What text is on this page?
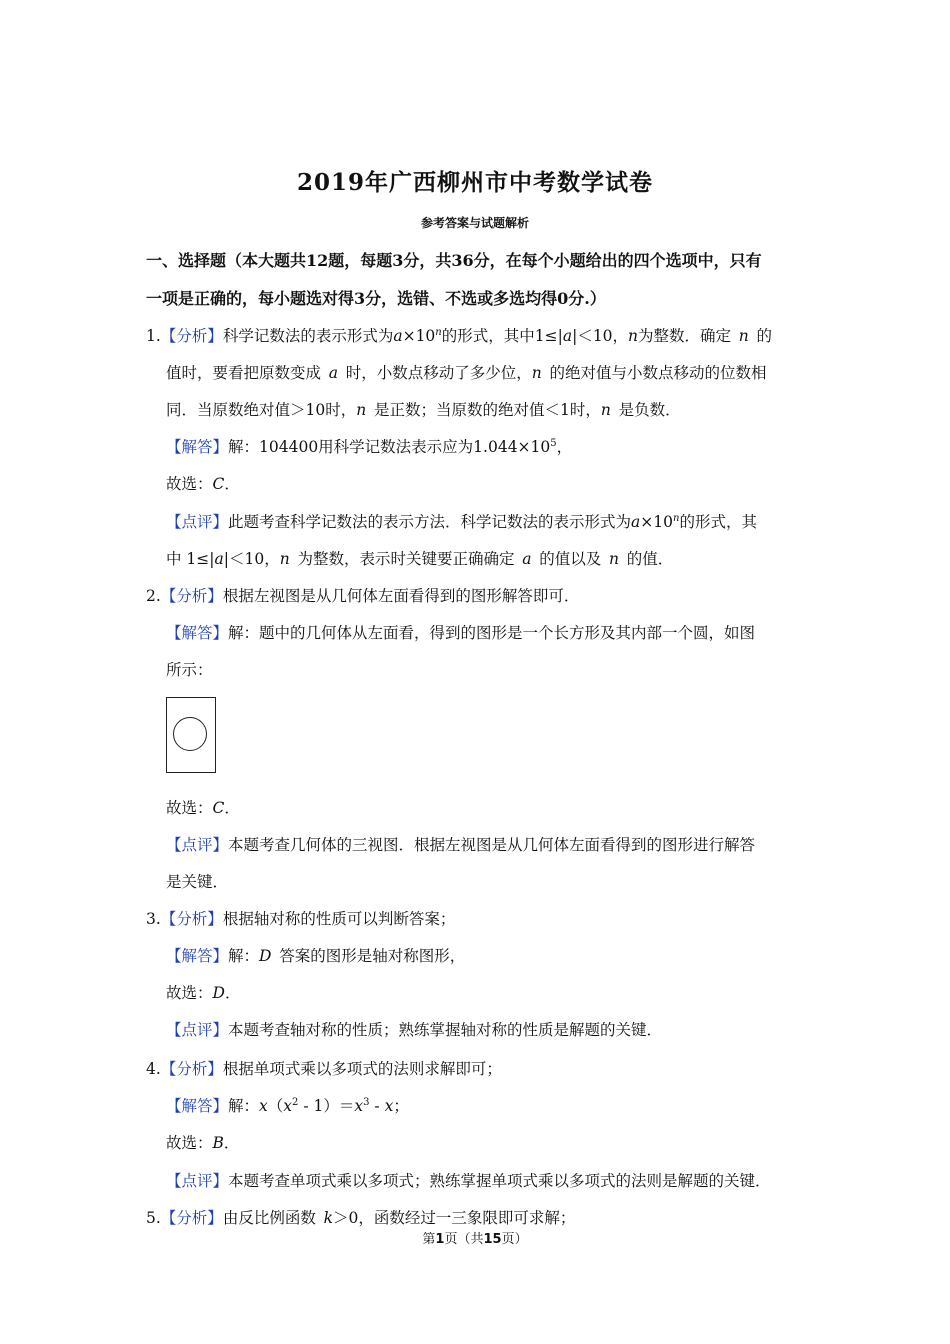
2019年广西柳州市中考数学试卷
参考答案与试题解析
一、选择题（本大题共12题，每题3分，共36分，在每个小题给出的四个选项中，只有
一项是正确的，每小题选对得3分，选错、不选或多选均得0分.）
1.【分析】科学记数法的表示形式为$a\times 10^n$的形式，其中1≤|a|＜10，n为整数．确定  n  的
值时，要看把原数变成  a  时，小数点移动了多少位，n  的绝对值与小数点移动的位数相
同．当原数绝对值＞10时，n  是正数；当原数的绝对值＜1时，n  是负数．
【解答】解：104400用科学记数法表示应为$1.044\times 10^5$，
故选：C．
【点评】此题考查科学记数法的表示方法．科学记数法的表示形式为$a\times 10^n$的形式，其
中 1≤|a|＜10，n  为整数，表示时关键要正确确定  a  的值以及  n  的值．
2.【分析】根据左视图是从几何体左面看得到的图形解答即可．
【解答】解：题中的几何体从左面看，得到的图形是一个长方形及其内部一个圆，如图
所示：
故选：C．
【点评】本题考查几何体的三视图．根据左视图是从几何体左面看得到的图形进行解答
是关键．
3.【分析】根据轴对称的性质可以判断答案；
【解答】解：D  答案的图形是轴对称图形，
故选：D．
【点评】本题考查轴对称的性质；熟练掌握轴对称的性质是解题的关键．
4.【分析】根据单项式乘以多项式的法则求解即可；
【解答】解：$x(x^2 - 1)=x^3 - x$；
故选：B．
【点评】本题考查单项式乘以多项式；熟练掌握单项式乘以多项式的法则是解题的关键．
5.【分析】由反比例函数  k＞0，函数经过一三象限即可求解；
第1页（共15页）
